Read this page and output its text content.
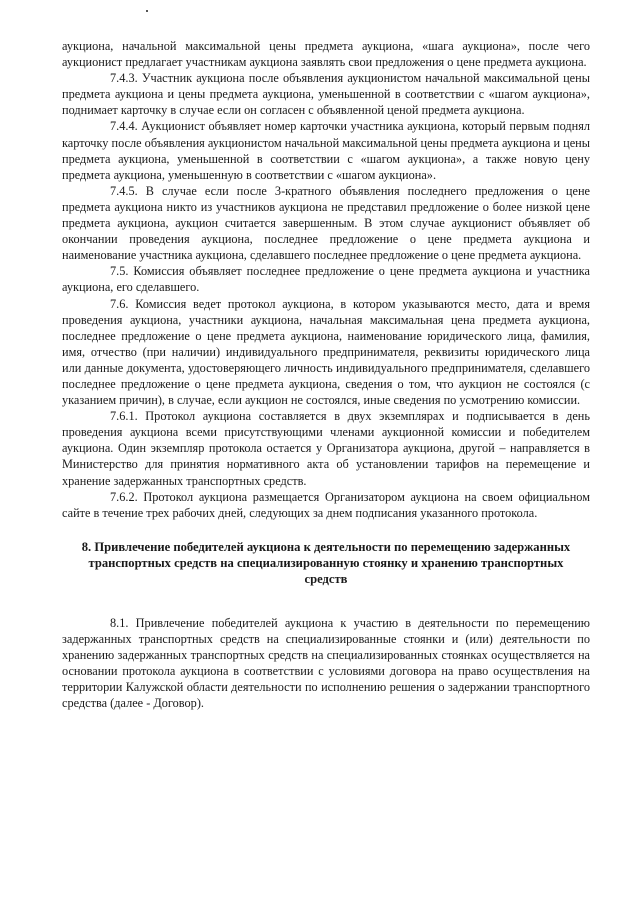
аукциона, начальной максимальной цены предмета аукциона, «шага аукциона», после чего аукционист предлагает участникам аукциона заявлять свои предложения о цене предмета аукциона.

7.4.3. Участник аукциона после объявления аукционистом начальной максимальной цены предмета аукциона и цены предмета аукциона, уменьшенной в соответствии с «шагом аукциона», поднимает карточку в случае если он согласен с объявленной ценой предмета аукциона.

7.4.4. Аукционист объявляет номер карточки участника аукциона, который первым поднял карточку после объявления аукционистом начальной максимальной цены предмета аукциона и цены предмета аукциона, уменьшенной в соответствии с «шагом аукциона», а также новую цену предмета аукциона, уменьшенную в соответствии с «шагом аукциона».

7.4.5. В случае если после 3-кратного объявления последнего предложения о цене предмета аукциона никто из участников аукциона не представил предложение о более низкой цене предмета аукциона, аукцион считается завершенным. В этом случае аукционист объявляет об окончании проведения аукциона, последнее предложение о цене предмета аукциона и наименование участника аукциона, сделавшего последнее предложение о цене предмета аукциона.

7.5. Комиссия объявляет последнее предложение о цене предмета аукциона и участника аукциона, его сделавшего.

7.6. Комиссия ведет протокол аукциона, в котором указываются место, дата и время проведения аукциона, участники аукциона, начальная максимальная цена предмета аукциона, последнее предложение о цене предмета аукциона, наименование юридического лица, фамилия, имя, отчество (при наличии) индивидуального предпринимателя, реквизиты юридического лица или данные документа, удостоверяющего личность индивидуального предпринимателя, сделавшего последнее предложение о цене предмета аукциона, сведения о том, что аукцион не состоялся (с указанием причин), в случае, если аукцион не состоялся, иные сведения по усмотрению комиссии.

7.6.1. Протокол аукциона составляется в двух экземплярах и подписывается в день проведения аукциона всеми присутствующими членами аукционной комиссии и победителем аукциона. Один экземпляр протокола остается у Организатора аукциона, другой – направляется в Министерство для принятия нормативного акта об установлении тарифов на перемещение и хранение задержанных транспортных средств.

7.6.2. Протокол аукциона размещается Организатором аукциона на своем официальном сайте в течение трех рабочих дней, следующих за днем подписания указанного протокола.

8. Привлечение победителей аукциона к деятельности по перемещению задержанных транспортных средств на специализированную стоянку и хранению транспортных средств

8.1. Привлечение победителей аукциона к участию в деятельности по перемещению задержанных транспортных средств на специализированные стоянки и (или) деятельности по хранению задержанных транспортных средств на специализированных стоянках осуществляется на основании протокола аукциона в соответствии с условиями договора на право осуществления на территории Калужской области деятельности по исполнению решения о задержании транспортного средства (далее - Договор).
